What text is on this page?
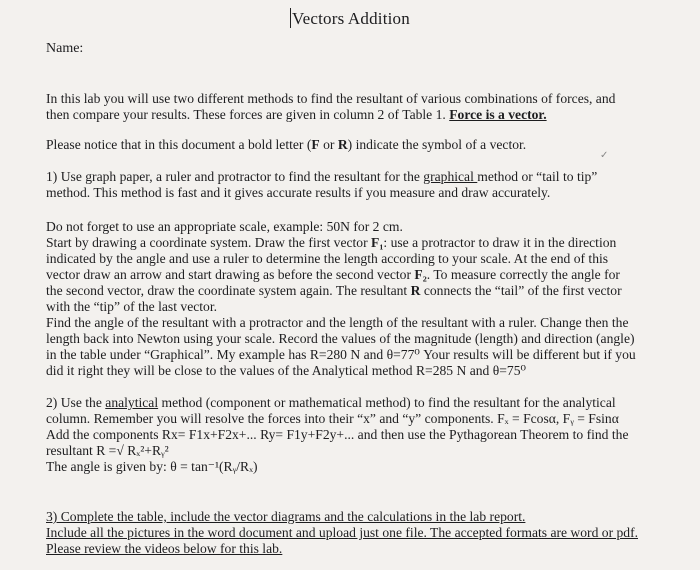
Vectors Addition
Name:

In this lab you will use two different methods to find the resultant of various combinations of forces, and

then compare your results. These forces are given in column 2 of Table 1. Force is a vector.

Please notice that in this document a bold letter (F or R) indicate the symbol of a vector.

1) Use graph paper, a ruler and protractor to find the resultant for the graphical method or “tail to tip”

method. This method is fast and it gives accurate results if you measure and draw accurately.

Do not forget to use an appropriate scale, example: 50N for 2 cm.

Start by drawing a coordinate system. Draw the first vector F₁: use a protractor to draw it in the direction

indicated by the angle and use a ruler to determine the length according to your scale. At the end of this

vector draw an arrow and start drawing as before the second vector F₂. To measure correctly the angle for

the second vector, draw the coordinate system again. The resultant R connects the “tail” of the first vector

with the “tip” of the last vector.

Find the angle of the resultant with a protractor and the length of the resultant with a ruler. Change then the

length back into Newton using your scale. Record the values of the magnitude (length) and direction (angle)

in the table under “Graphical”. My example has R=280 N and θ=77⁰ Your results will be different but if you

did it right they will be close to the values of the Analytical method R=285 N and θ=75⁰

2) Use the analytical method (component or mathematical method) to find the resultant for the analytical

column. Remember you will resolve the forces into their “x” and “y” components. Fₓ = Fcosα, Fᵧ = Fsinα

Add the components Rx= F1x+F2x+... Ry= F1y+F2y+... and then use the Pythagorean Theorem to find the

resultant R =√ Rₓ²+Rᵧ²

The angle is given by: θ = tan⁻¹(Rᵧ/Rₓ)

3) Complete the table, include the vector diagrams and the calculations in the lab report.

Include all the pictures in the word document and upload just one file. The accepted formats are word or pdf.

Please review the videos below for this lab.

✓
